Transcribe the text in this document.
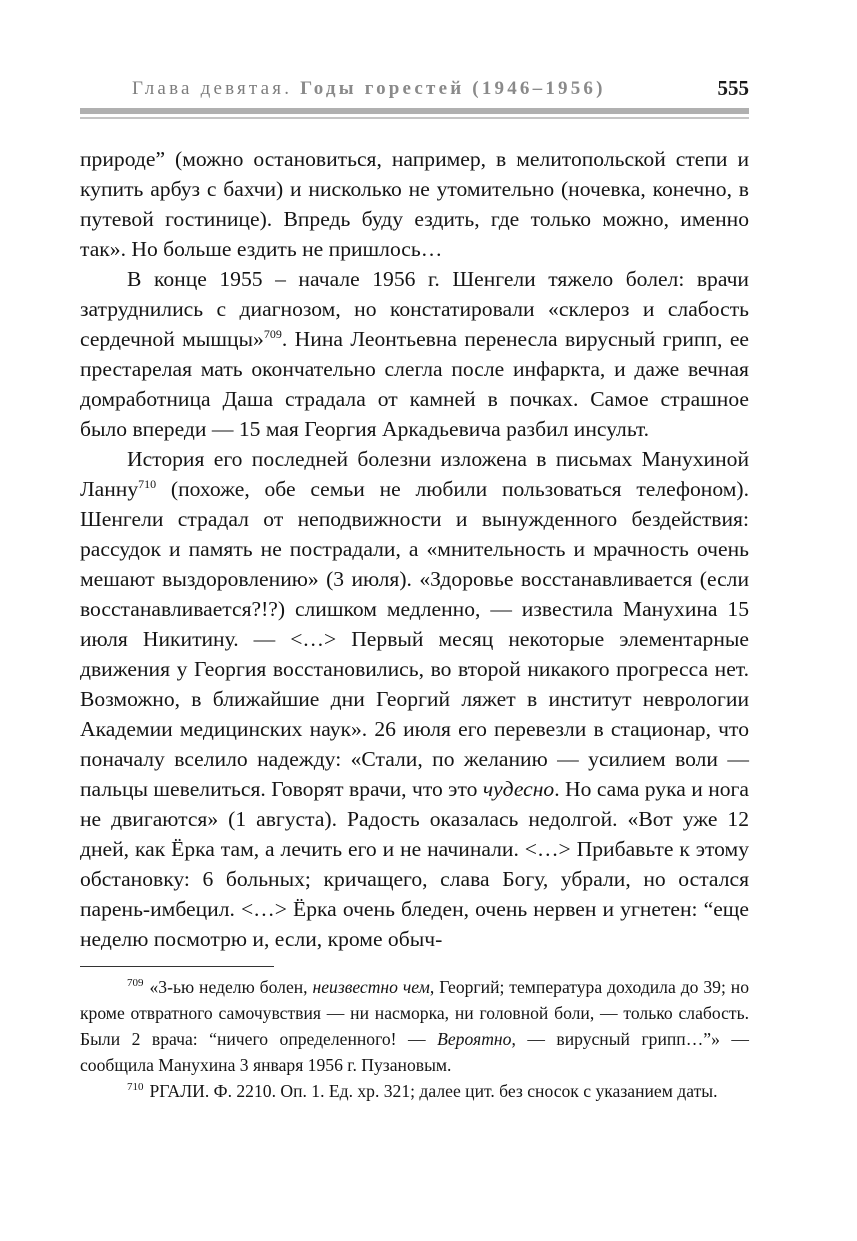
Глава девятая. Годы горестей (1946–1956)	555

природе” (можно остановиться, например, в мелитопольской степи и купить арбуз с бахчи) и нисколько не утомительно (ночевка, конечно, в путевой гостинице). Впредь буду ездить, где только можно, именно так». Но больше ездить не пришлось…

В конце 1955 – начале 1956 г. Шенгели тяжело болел: врачи затруднились с диагнозом, но констатировали «склероз и слабость сердечной мышцы»$^{709}$. Нина Леонтьевна перенесла вирусный грипп, ее престарелая мать окончательно слегла после инфаркта, и даже вечная домработница Даша страдала от камней в почках. Самое страшное было впереди — 15 мая Георгия Аркадьевича разбил инсульт.

История его последней болезни изложена в письмах Манухиной Ланну$^{710}$ (похоже, обе семьи не любили пользоваться телефоном). Шенгели страдал от неподвижности и вынужденного бездействия: рассудок и память не пострадали, а «мнительность и мрачность очень мешают выздоровлению» (3 июля). «Здоровье восстанавливается (если восстанавливается?!?) слишком медленно, — известила Манухина 15 июля Никитину. — <…> Первый месяц некоторые элементарные движения у Георгия восстановились, во второй никакого прогресса нет. Возможно, в ближайшие дни Георгий ляжет в институт неврологии Академии медицинских наук». 26 июля его перевезли в стационар, что поначалу вселило надежду: «Стали, по желанию — усилием воли — пальцы шевелиться. Говорят врачи, что это чудесно. Но сама рука и нога не двигаются» (1 августа). Радость оказалась недолгой. «Вот уже 12 дней, как Ёрка там, а лечить его и не начинали. <…> Прибавьте к этому обстановку: 6 больных; кричащего, слава Богу, убрали, но остался парень-имбецил. <…> Ёрка очень бледен, очень нервен и угнетен: “еще неделю посмотрю и, если, кроме обыч-

$^{709}$ «3-ью неделю болен, неизвестно чем, Георгий; температура доходила до 39; но кроме отвратного самочувствия — ни насморка, ни головной боли, — только слабость. Были 2 врача: “ничего определенного! — Вероятно, — вирусный грипп…”» — сообщила Манухина 3 января 1956 г. Пузановым.

$^{710}$ РГАЛИ. Ф. 2210. Оп. 1. Ед. хр. 321; далее цит. без сносок с указанием даты.
